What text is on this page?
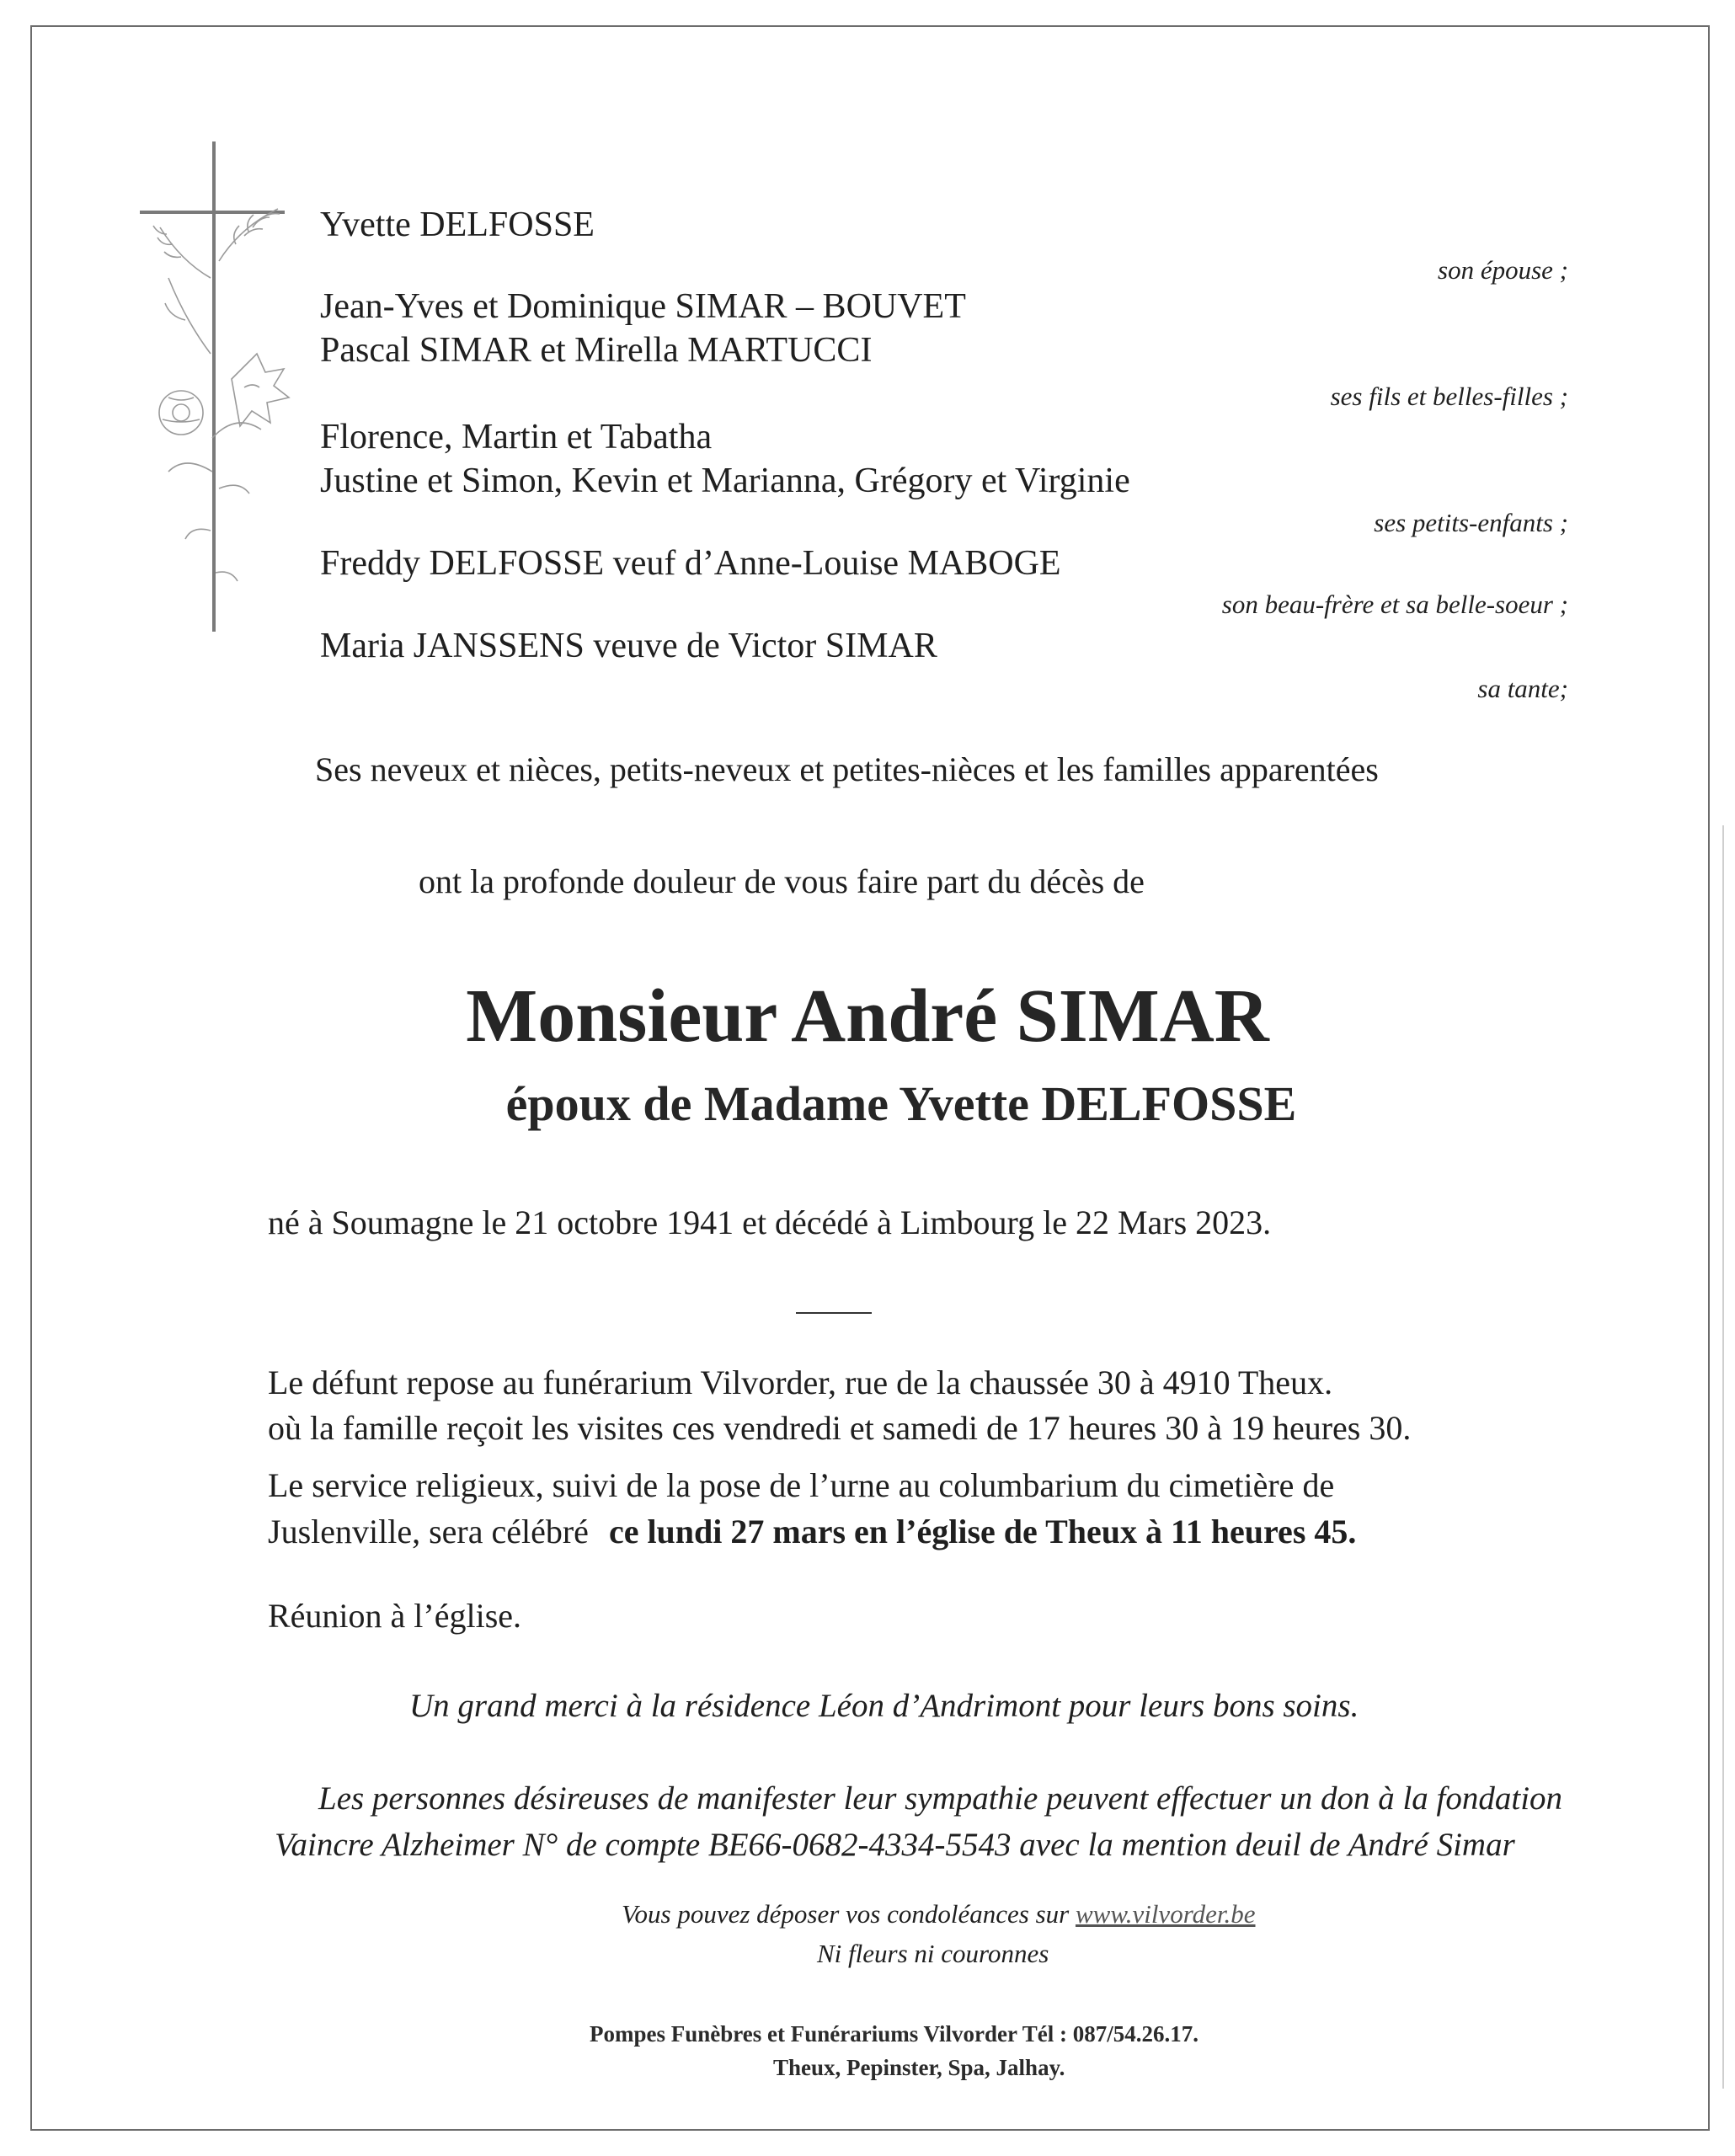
Yvette DELFOSSE
son épouse ;
Jean-Yves et Dominique SIMAR – BOUVET
Pascal SIMAR et Mirella MARTUCCI
ses fils et belles-filles ;
Florence, Martin et Tabatha
Justine et Simon, Kevin et Marianna, Grégory et Virginie
ses petits-enfants ;
Freddy DELFOSSE veuf d’Anne-Louise MABOGE
son beau-frère et sa belle-soeur ;
Maria JANSSENS veuve de Victor SIMAR
sa tante;
Ses neveux et nièces, petits-neveux et petites-nièces et les familles apparentées
ont la profonde douleur de vous faire part du décès de
Monsieur André SIMAR
époux de Madame Yvette DELFOSSE
né à Soumagne le 21 octobre 1941 et décédé à Limbourg le 22 Mars 2023.
Le défunt repose au funérarium Vilvorder, rue de la chaussée 30 à 4910 Theux.
où la famille reçoit les visites ces vendredi et samedi de 17 heures 30 à 19 heures 30.
Le service religieux, suivi de la pose de l’urne au columbarium du cimetière de
Juslenville, sera célébré ce lundi 27 mars en l’église de Theux à 11 heures 45.
Réunion à l’église.
Un grand merci à la résidence Léon d’Andrimont pour leurs bons soins.
Les personnes désireuses de manifester leur sympathie peuvent effectuer un don à la fondation
Vaincre Alzheimer N° de compte BE66-0682-4334-5543 avec la mention deuil de André Simar
Vous pouvez déposer vos condoléances sur www.vilvorder.be
Ni fleurs ni couronnes
Pompes Funèbres et Funérariums Vilvorder Tél : 087/54.26.17.
Theux, Pepinster, Spa, Jalhay.
